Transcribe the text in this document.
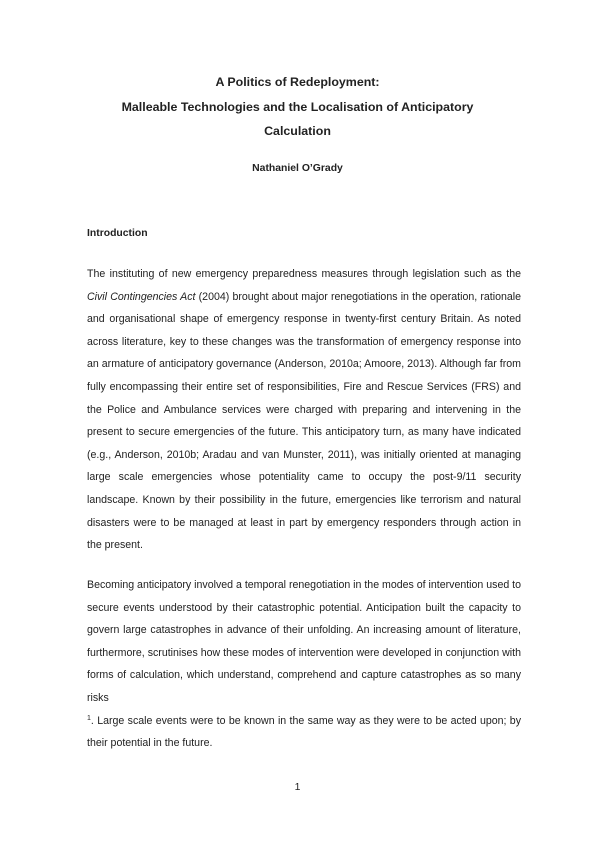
A Politics of Redeployment:
Malleable Technologies and the Localisation of Anticipatory
Calculation
Nathaniel O’Grady
Introduction

The instituting of new emergency preparedness measures through legislation such as the Civil Contingencies Act (2004) brought about major renegotiations in the operation, rationale and organisational shape of emergency response in twenty-first century Britain. As noted across literature, key to these changes was the transformation of emergency response into an armature of anticipatory governance (Anderson, 2010a; Amoore, 2013). Although far from fully encompassing their entire set of responsibilities, Fire and Rescue Services (FRS) and the Police and Ambulance services were charged with preparing and intervening in the present to secure emergencies of the future. This anticipatory turn, as many have indicated (e.g., Anderson, 2010b; Aradau and van Munster, 2011), was initially oriented at managing large scale emergencies whose potentiality came to occupy the post-9/11 security landscape. Known by their possibility in the future, emergencies like terrorism and natural disasters were to be managed at least in part by emergency responders through action in the present.

Becoming anticipatory involved a temporal renegotiation in the modes of intervention used to secure events understood by their catastrophic potential. Anticipation built the capacity to govern large catastrophes in advance of their unfolding. An increasing amount of literature, furthermore, scrutinises how these modes of intervention were developed in conjunction with forms of calculation, which understand, comprehend and capture catastrophes as so many risks
$^1$. Large scale events were to be known in the same way as they were to be acted upon; by their potential in the future.

1
